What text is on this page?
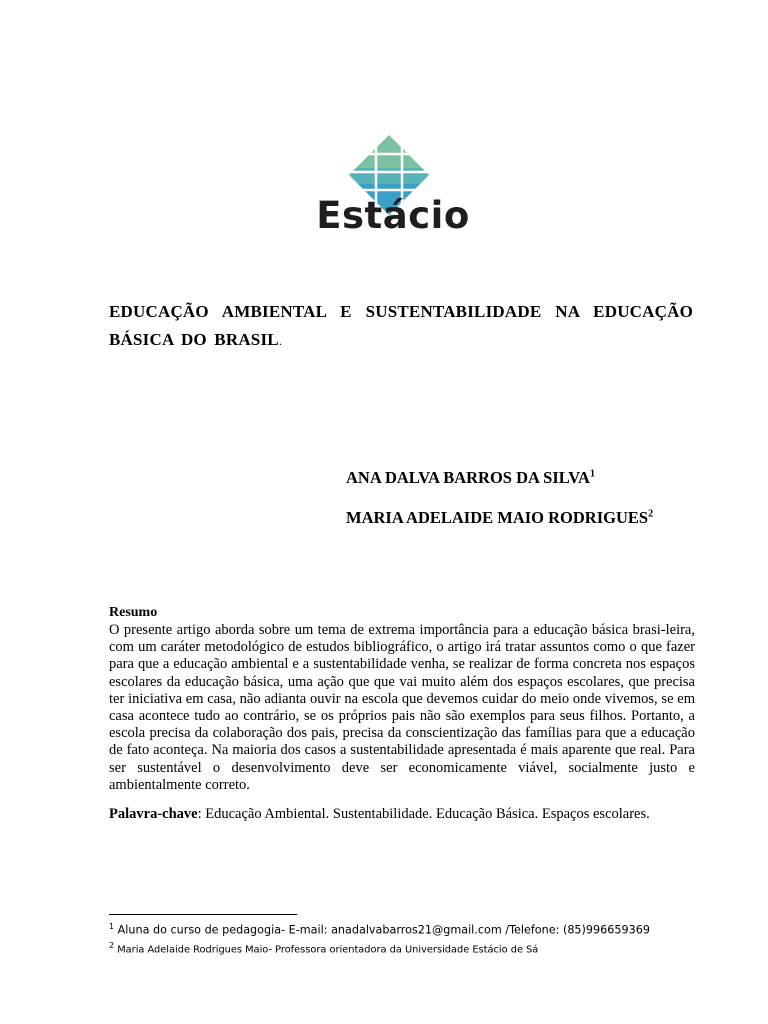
Estácio
EDUCAÇÃO AMBIENTAL E SUSTENTABILIDADE NA EDUCAÇÃO BÁSICA DO BRASIL.
ANA DALVA BARROS DA SILVA$^1$
MARIA ADELAIDE MAIO RODRIGUES$^2$
Resumo
O presente artigo aborda sobre um tema de extrema importância para a educação básica brasi-leira, com um caráter metodológico de estudos bibliográfico, o artigo irá tratar assuntos como o que fazer para que a educação ambiental e a sustentabilidade venha, se realizar de forma concreta nos espaços escolares da educação básica, uma ação que que vai muito além dos espaços escolares, que precisa ter iniciativa em casa, não adianta ouvir na escola que devemos cuidar do meio onde vivemos, se em casa acontece tudo ao contrário, se os próprios pais não são exemplos para seus filhos. Portanto, a escola precisa da colaboração dos pais, precisa da conscientização das famílias para que a educação de fato aconteça. Na maioria dos casos a sustentabilidade apresentada é mais aparente que real. Para ser sustentável o desenvolvimento deve ser economicamente viável, socialmente justo e ambientalmente correto.
Palavra-chave: Educação Ambiental. Sustentabilidade. Educação Básica. Espaços escolares.
$^1$ Aluna do curso de pedagogia- E-mail: anadalvabarros21@gmail.com /Telefone: (85)996659369
$^2$ Maria Adelaide Rodrigues Maio- Professora orientadora da Universidade Estácio de Sá
